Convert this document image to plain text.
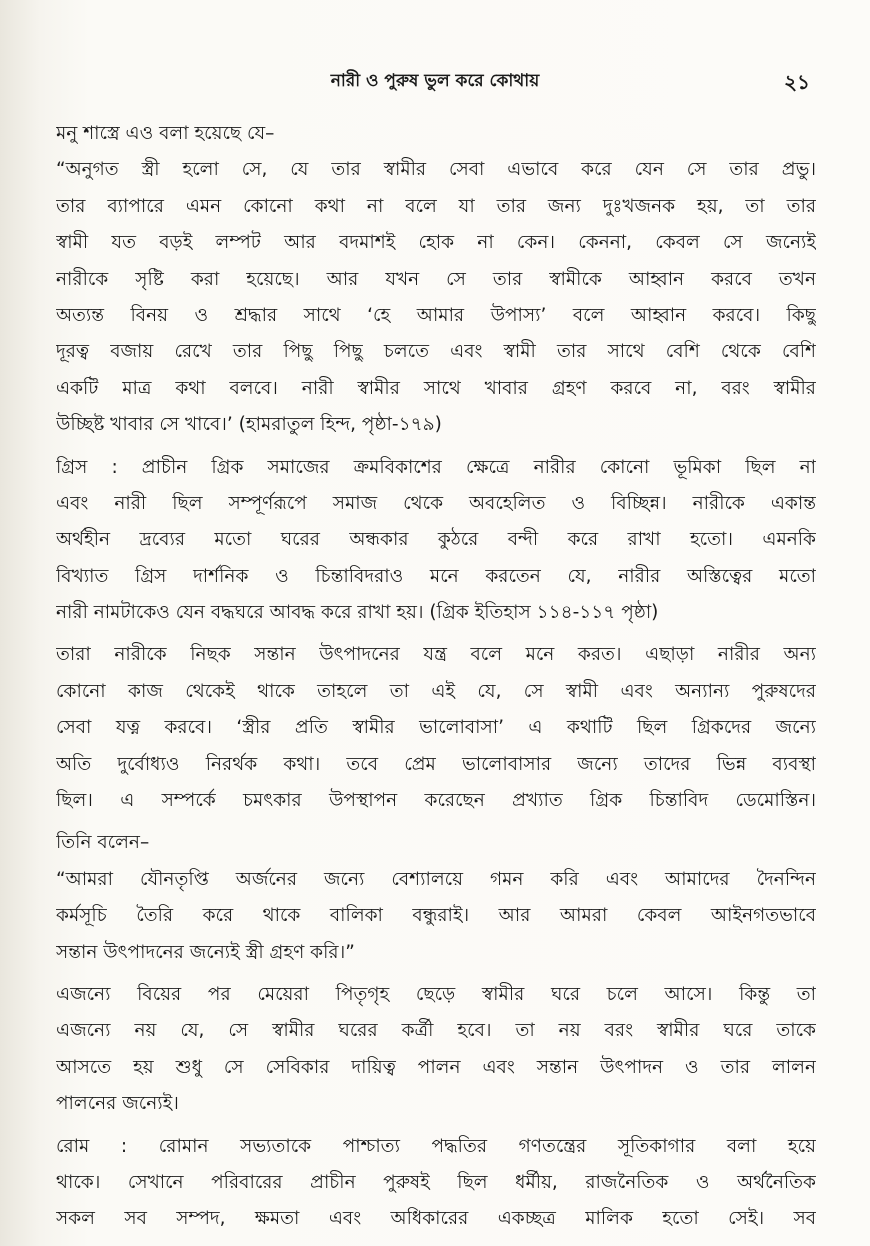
নারী ও পুরুষ ভুল করে কোথায়	২১
মনু শাস্ত্রে এও বলা হয়েছে যে–
“অনুগত স্ত্রী হলো সে, যে তার স্বামীর সেবা এভাবে করে যেন সে তার প্রভু।
তার ব্যাপারে এমন কোনো কথা না বলে যা তার জন্য দুঃখজনক হয়, তা তার
স্বামী যত বড়ই লম্পট আর বদমাশই হোক না কেন। কেননা, কেবল সে জন্যেই
নারীকে সৃষ্টি করা হয়েছে। আর যখন সে তার স্বামীকে আহ্বান করবে তখন
অত্যন্ত বিনয় ও শ্রদ্ধার সাথে ‘হে আমার উপাস্য’ বলে আহ্বান করবে। কিছু
দূরত্ব বজায় রেখে তার পিছু পিছু চলতে এবং স্বামী তার সাথে বেশি থেকে বেশি
একটি মাত্র কথা বলবে। নারী স্বামীর সাথে খাবার গ্রহণ করবে না, বরং স্বামীর
উচ্ছিষ্ট খাবার সে খাবে।’ (হামরাতুল হিন্দ, পৃষ্ঠা-১৭৯)
গ্রিস : প্রাচীন গ্রিক সমাজের ক্রমবিকাশের ক্ষেত্রে নারীর কোনো ভূমিকা ছিল না
এবং নারী ছিল সম্পূর্ণরূপে সমাজ থেকে অবহেলিত ও বিচ্ছিন্ন। নারীকে একান্ত
অর্থহীন দ্রব্যের মতো ঘরের অন্ধকার কুঠরে বন্দী করে রাখা হতো। এমনকি
বিখ্যাত গ্রিস দার্শনিক ও চিন্তাবিদরাও মনে করতেন যে, নারীর অস্তিত্বের মতো
নারী নামটাকেও যেন বদ্ধঘরে আবদ্ধ করে রাখা হয়। (গ্রিক ইতিহাস ১১৪-১১৭ পৃষ্ঠা)
তারা নারীকে নিছক সন্তান উৎপাদনের যন্ত্র বলে মনে করত। এছাড়া নারীর অন্য
কোনো কাজ থেকেই থাকে তাহলে তা এই যে, সে স্বামী এবং অন্যান্য পুরুষদের
সেবা যত্ন করবে। ‘স্ত্রীর প্রতি স্বামীর ভালোবাসা’ এ কথাটি ছিল গ্রিকদের জন্যে
অতি দুর্বোধ্যও নিরর্থক কথা। তবে প্রেম ভালোবাসার জন্যে তাদের ভিন্ন ব্যবস্থা
ছিল। এ সম্পর্কে চমৎকার উপস্থাপন করেছেন প্রখ্যাত গ্রিক চিন্তাবিদ ডেমোস্তিন।
তিনি বলেন–
“আমরা যৌনতৃপ্তি অর্জনের জন্যে বেশ্যালয়ে গমন করি এবং আমাদের দৈনন্দিন
কর্মসূচি তৈরি করে থাকে বালিকা বন্ধুরাই। আর আমরা কেবল আইনগতভাবে
সন্তান উৎপাদনের জন্যেই স্ত্রী গ্রহণ করি।”
এজন্যে বিয়ের পর মেয়েরা পিতৃগৃহ ছেড়ে স্বামীর ঘরে চলে আসে। কিন্তু তা
এজন্যে নয় যে, সে স্বামীর ঘরের কর্ত্রী হবে। তা নয় বরং স্বামীর ঘরে তাকে
আসতে হয় শুধু সে সেবিকার দায়িত্ব পালন এবং সন্তান উৎপাদন ও তার লালন
পালনের জন্যেই।
রোম : রোমান সভ্যতাকে পাশ্চাত্য পদ্ধতির গণতন্ত্রের সূতিকাগার বলা হয়ে
থাকে। সেখানে পরিবারের প্রাচীন পুরুষই ছিল ধর্মীয়, রাজনৈতিক ও অর্থনৈতিক
সকল সব সম্পদ, ক্ষমতা এবং অধিকারের একচ্ছত্র মালিক হতো সেই। সব
